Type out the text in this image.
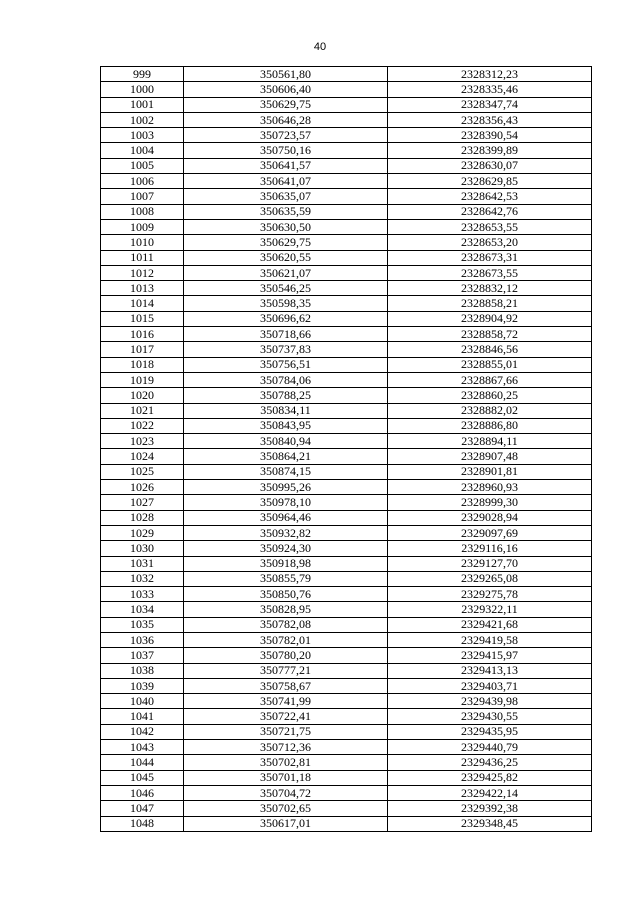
40
999	350561,80	2328312,23
1000	350606,40	2328335,46
1001	350629,75	2328347,74
1002	350646,28	2328356,43
1003	350723,57	2328390,54
1004	350750,16	2328399,89
1005	350641,57	2328630,07
1006	350641,07	2328629,85
1007	350635,07	2328642,53
1008	350635,59	2328642,76
1009	350630,50	2328653,55
1010	350629,75	2328653,20
1011	350620,55	2328673,31
1012	350621,07	2328673,55
1013	350546,25	2328832,12
1014	350598,35	2328858,21
1015	350696,62	2328904,92
1016	350718,66	2328858,72
1017	350737,83	2328846,56
1018	350756,51	2328855,01
1019	350784,06	2328867,66
1020	350788,25	2328860,25
1021	350834,11	2328882,02
1022	350843,95	2328886,80
1023	350840,94	2328894,11
1024	350864,21	2328907,48
1025	350874,15	2328901,81
1026	350995,26	2328960,93
1027	350978,10	2328999,30
1028	350964,46	2329028,94
1029	350932,82	2329097,69
1030	350924,30	2329116,16
1031	350918,98	2329127,70
1032	350855,79	2329265,08
1033	350850,76	2329275,78
1034	350828,95	2329322,11
1035	350782,08	2329421,68
1036	350782,01	2329419,58
1037	350780,20	2329415,97
1038	350777,21	2329413,13
1039	350758,67	2329403,71
1040	350741,99	2329439,98
1041	350722,41	2329430,55
1042	350721,75	2329435,95
1043	350712,36	2329440,79
1044	350702,81	2329436,25
1045	350701,18	2329425,82
1046	350704,72	2329422,14
1047	350702,65	2329392,38
1048	350617,01	2329348,45
